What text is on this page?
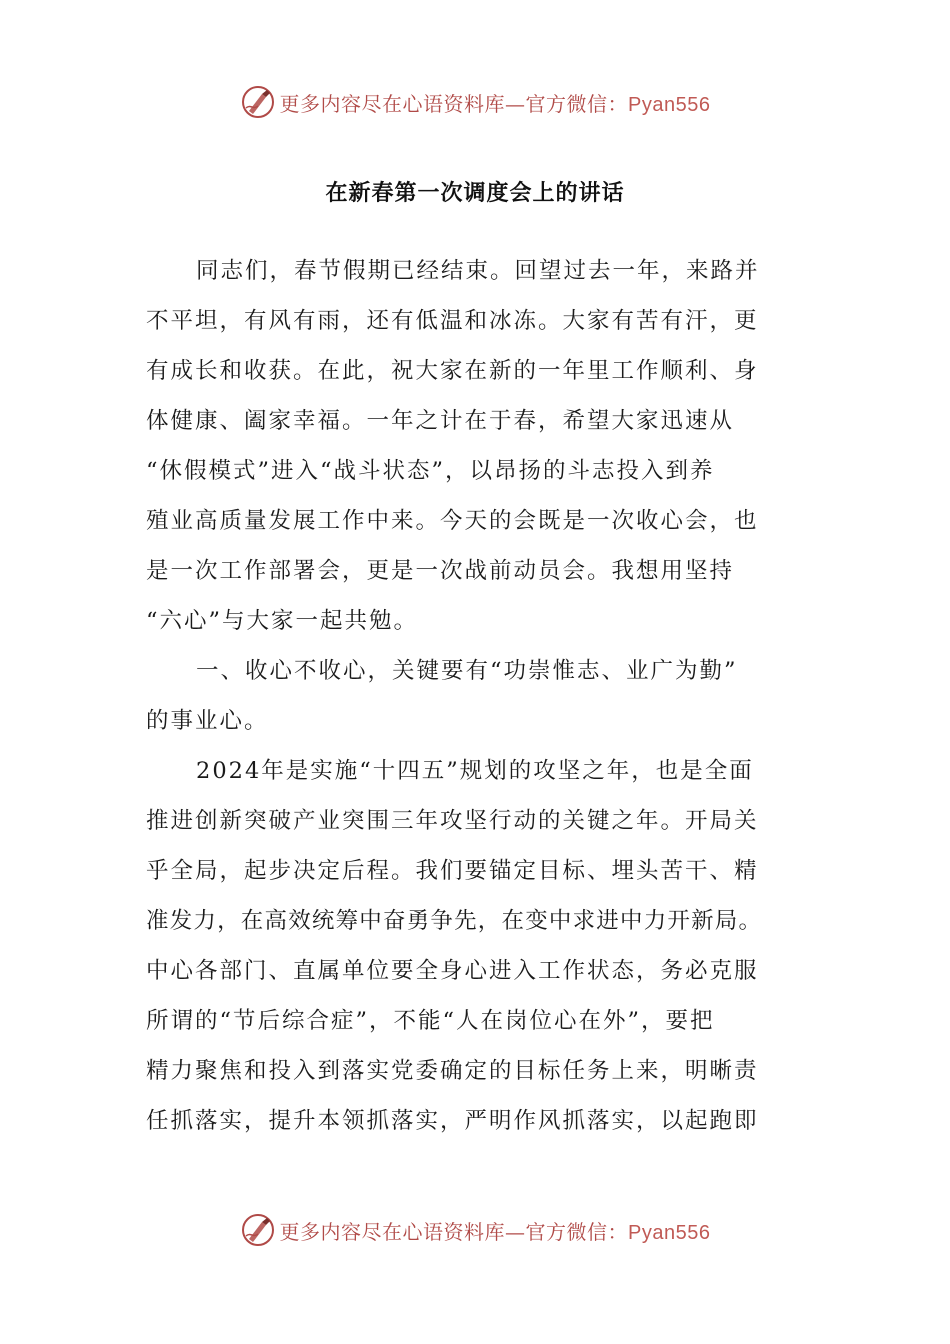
更多内容尽在心语资料库—官方微信：Pyan556
在新春第一次调度会上的讲话
同志们，春节假期已经结束。回望过去一年，来路并
不平坦，有风有雨，还有低温和冰冻。大家有苦有汗，更
有成长和收获。在此，祝大家在新的一年里工作顺利、身
体健康、阖家幸福。一年之计在于春，希望大家迅速从
“休假模式”进入“战斗状态”，以昂扬的斗志投入到养
殖业高质量发展工作中来。今天的会既是一次收心会，也
是一次工作部署会，更是一次战前动员会。我想用坚持
“六心”与大家一起共勉。
一、收心不收心，关键要有“功崇惟志、业广为勤”
的事业心。
2024年是实施“十四五”规划的攻坚之年，也是全面
推进创新突破产业突围三年攻坚行动的关键之年。开局关
乎全局，起步决定后程。我们要锚定目标、埋头苦干、精
准发力，在高效统筹中奋勇争先，在变中求进中力开新局。
中心各部门、直属单位要全身心进入工作状态，务必克服
所谓的“节后综合症”，不能“人在岗位心在外”，要把
精力聚焦和投入到落实党委确定的目标任务上来，明晰责
任抓落实，提升本领抓落实，严明作风抓落实，以起跑即
更多内容尽在心语资料库—官方微信：Pyan556
